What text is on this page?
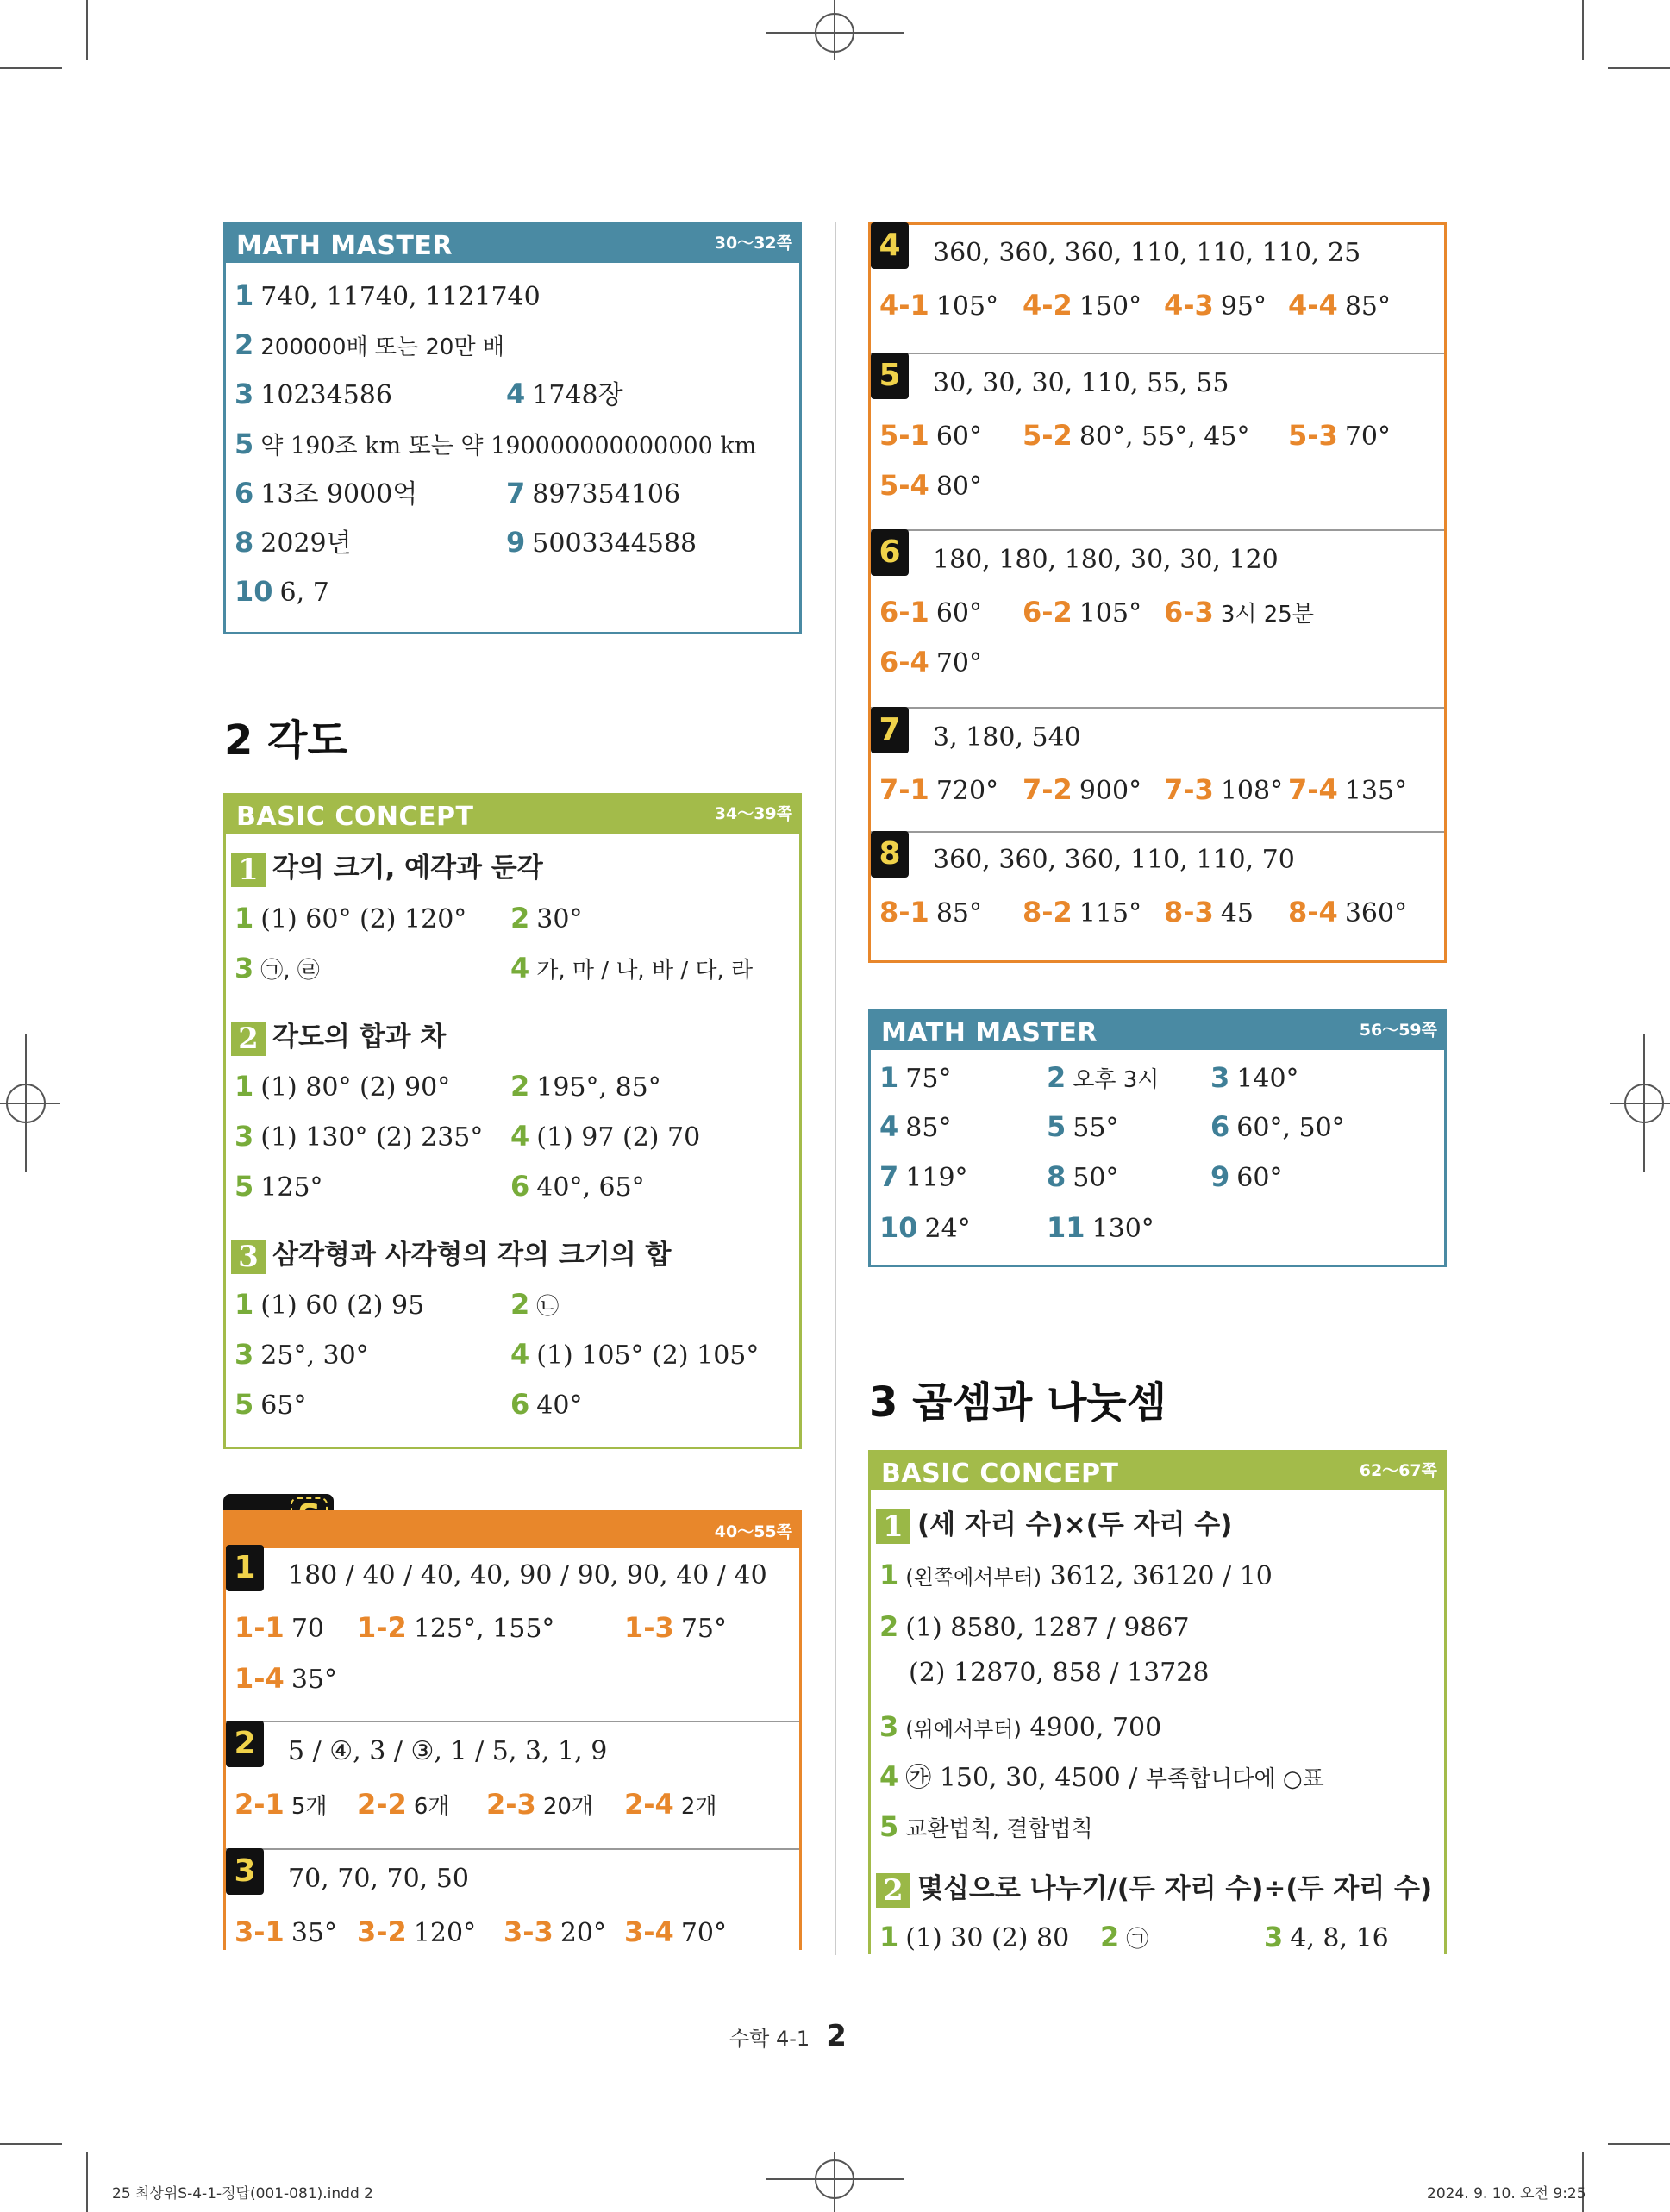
MATH MASTER	30～32쪽
1 740, 11740, 1121740
2 200000배 또는 20만 배
3 10234586	4 1748장
5 약 190조 km 또는 약 190000000000000 km
6 13조 9000억	7 897354106
8 2029년	9 5003344588
10 6, 7
2 각도
BASIC CONCEPT	34～39쪽
1 각의 크기, 예각과 둔각
1 (1) 60° (2) 120° 2 30°
3 ㉠, ㉣	4 가, 마 / 나, 바 / 다, 라
2 각도의 합과 차
1 (1) 80° (2) 90° 2 195°, 85°
3 (1) 130° (2) 235° 4 (1) 97 (2) 70
5 125°	6 40°, 65°
3 삼각형과 사각형의 각의 크기의 합
1 (1) 60 (2) 95	2 ㉡
3 25°, 30°	4 (1) 105° (2) 105°
5 65°	6 40°
40～55쪽
1	180 / 40 / 40, 40, 90 / 90, 90, 40 / 40
1-1 70 1-2 125°, 155°	1-3 75°
1-4 35°
2	5 / ④, 3 / ③, 1 / 5, 3, 1, 9
2-1 5개 2-2 6개 2-3 20개 2-4 2개
3	70, 70, 70, 50
3-1 35° 3-2 120° 3-3 20° 3-4 70°
4	360, 360, 360, 110, 110, 110, 25
4-1 105° 4-2 150° 4-3 95° 4-4 85°
5	30, 30, 30, 110, 55, 55
5-1 60° 5-2 80°, 55°, 45° 5-3 70°
5-4 80°
6	180, 180, 180, 30, 30, 120
6-1 60° 6-2 105° 6-3 3시 25분
6-4 70°
7	3, 180, 540
7-1 720° 7-2 900° 7-3 108° 7-4 135°
8	360, 360, 360, 110, 110, 70
8-1 85° 8-2 115° 8-3 45 8-4 360°
MATH MASTER	56～59쪽
1 75°	2 오후 3시 3 140°
4 85°	5 55°	6 60°, 50°
7 119°	8 50°	9 60°
10 24°	11 130°
3 곱셈과 나눗셈
BASIC CONCEPT	62～67쪽
1 (세 자리 수)×(두 자리 수)
1 (왼쪽에서부터) 3612, 36120 / 10
2 (1) 8580, 1287 / 9867
(2) 12870, 858 / 13728
3 (위에서부터) 4900, 700
4 ㉮ 150, 30, 4500 / 부족합니다에 ○표
5 교환법칙, 결합법칙
2 몇십으로 나누기/(두 자리 수)÷(두 자리 수)
1 (1) 30 (2) 80 2 ㉠	3 4, 8, 16
수학 4-1 2
25 최상위S-4-1-정답(001-081).indd 2	2024. 9. 10. 오전 9:25
